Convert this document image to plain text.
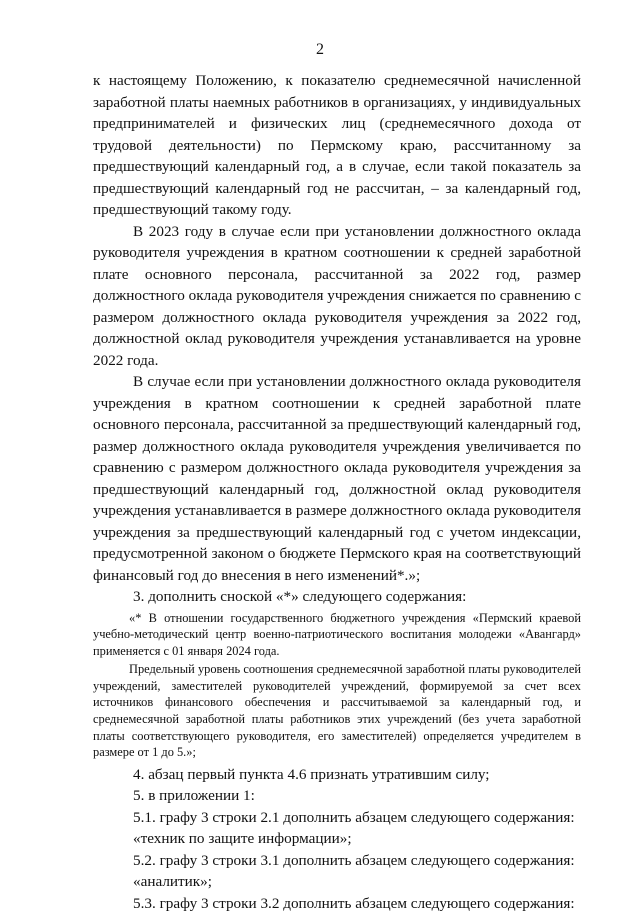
2

к настоящему Положению, к показателю среднемесячной начисленной заработной платы наемных работников в организациях, у индивидуальных предпринимателей и физических лиц (среднемесячного дохода от трудовой деятельности) по Пермскому краю, рассчитанному за предшествующий календарный год, а в случае, если такой показатель за предшествующий календарный год не рассчитан, – за календарный год, предшествующий такому году.

В 2023 году в случае если при установлении должностного оклада руководителя учреждения в кратном соотношении к средней заработной плате основного персонала, рассчитанной за 2022 год, размер должностного оклада руководителя учреждения снижается по сравнению с размером должностного оклада руководителя учреждения за 2022 год, должностной оклад руководителя учреждения устанавливается на уровне 2022 года.

В случае если при установлении должностного оклада руководителя учреждения в кратном соотношении к средней заработной плате основного персонала, рассчитанной за предшествующий календарный год, размер должностного оклада руководителя учреждения увеличивается по сравнению с размером должностного оклада руководителя учреждения за предшествующий календарный год, должностной оклад руководителя учреждения устанавливается в размере должностного оклада руководителя учреждения за предшествующий календарный год с учетом индексации, предусмотренной законом о бюджете Пермского края на соответствующий финансовый год до внесения в него изменений*.»;

3. дополнить сноской «*» следующего содержания:

«* В отношении государственного бюджетного учреждения «Пермский краевой учебно-методический центр военно-патриотического воспитания молодежи «Авангард» применяется с 01 января 2024 года.

Предельный уровень соотношения среднемесячной заработной платы руководителей учреждений, заместителей руководителей учреждений, формируемой за счет всех источников финансового обеспечения и рассчитываемой за календарный год, и среднемесячной заработной платы работников этих учреждений (без учета заработной платы соответствующего руководителя, его заместителей) определяется учредителем в размере от 1 до 5.»;

4. абзац первый пункта 4.6 признать утратившим силу;

5. в приложении 1:

5.1. графу 3 строки 2.1 дополнить абзацем следующего содержания:

«техник по защите информации»;

5.2. графу 3 строки 3.1 дополнить абзацем следующего содержания:

«аналитик»;

5.3. графу 3 строки 3.2 дополнить абзацем следующего содержания:
